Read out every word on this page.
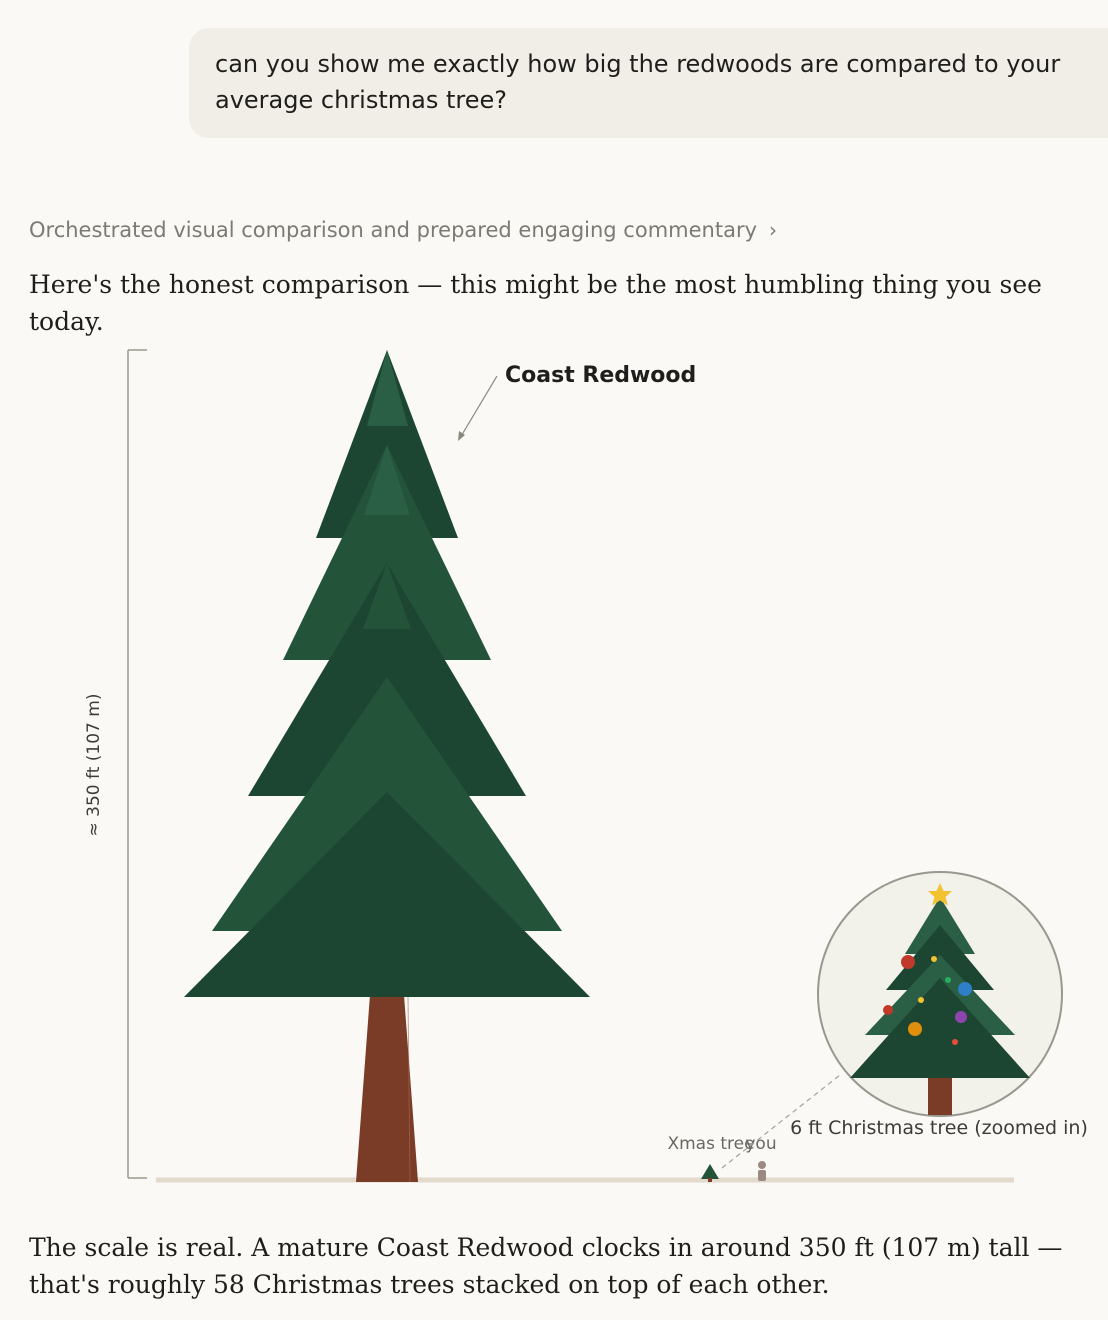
can you show me exactly how big the redwoods are compared to your average christmas tree?
Orchestrated visual comparison and prepared engaging commentary ›
Here's the honest comparison — this might be the most humbling thing you see today.
≈ 350 ft (107 m)
Coast Redwood
Xmas tree
you
6 ft Christmas tree (zoomed in)
The scale is real. A mature Coast Redwood clocks in around 350 ft (107 m) tall — that's roughly 58 Christmas trees stacked on top of each other.
